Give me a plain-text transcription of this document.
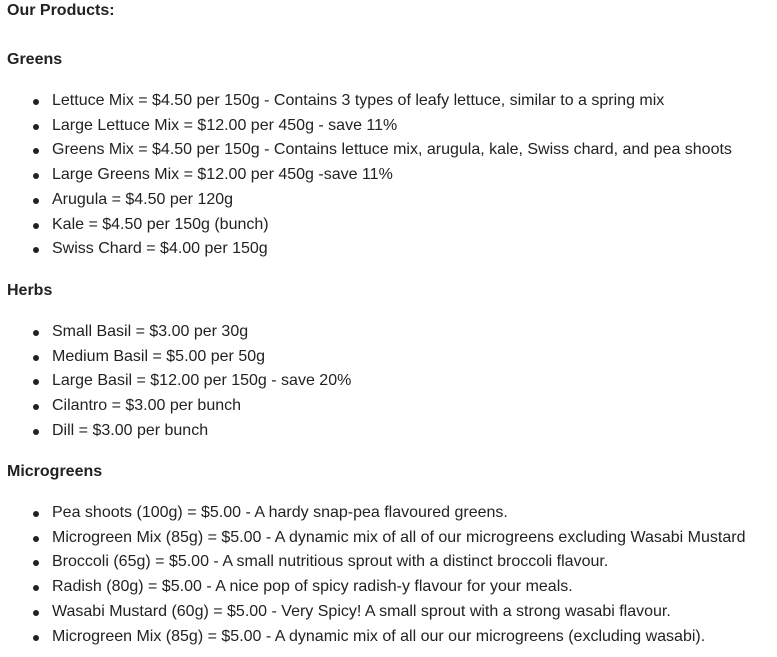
Our Products:
Greens
Lettuce Mix = $4.50 per 150g - Contains 3 types of leafy lettuce, similar to a spring mix
Large Lettuce Mix = $12.00 per 450g - save 11%
Greens Mix = $4.50 per 150g - Contains lettuce mix, arugula, kale, Swiss chard, and pea shoots
Large Greens Mix = $12.00 per 450g -save 11%
Arugula = $4.50 per 120g
Kale = $4.50 per 150g (bunch)
Swiss Chard = $4.00 per 150g
Herbs
Small Basil = $3.00 per 30g
Medium Basil = $5.00 per 50g
Large Basil = $12.00 per 150g - save 20%
Cilantro = $3.00 per bunch
Dill = $3.00 per bunch
Microgreens
Pea shoots (100g) = $5.00 - A hardy snap-pea flavoured greens.
Microgreen Mix (85g) = $5.00 - A dynamic mix of all of our microgreens excluding Wasabi Mustard
Broccoli (65g) = $5.00 - A small nutritious sprout with a distinct broccoli flavour.
Radish (80g) = $5.00 - A nice pop of spicy radish-y flavour for your meals.
Wasabi Mustard (60g) = $5.00 - Very Spicy! A small sprout with a strong wasabi flavour.
Microgreen Mix (85g) = $5.00 - A dynamic mix of all our our microgreens (excluding wasabi).
